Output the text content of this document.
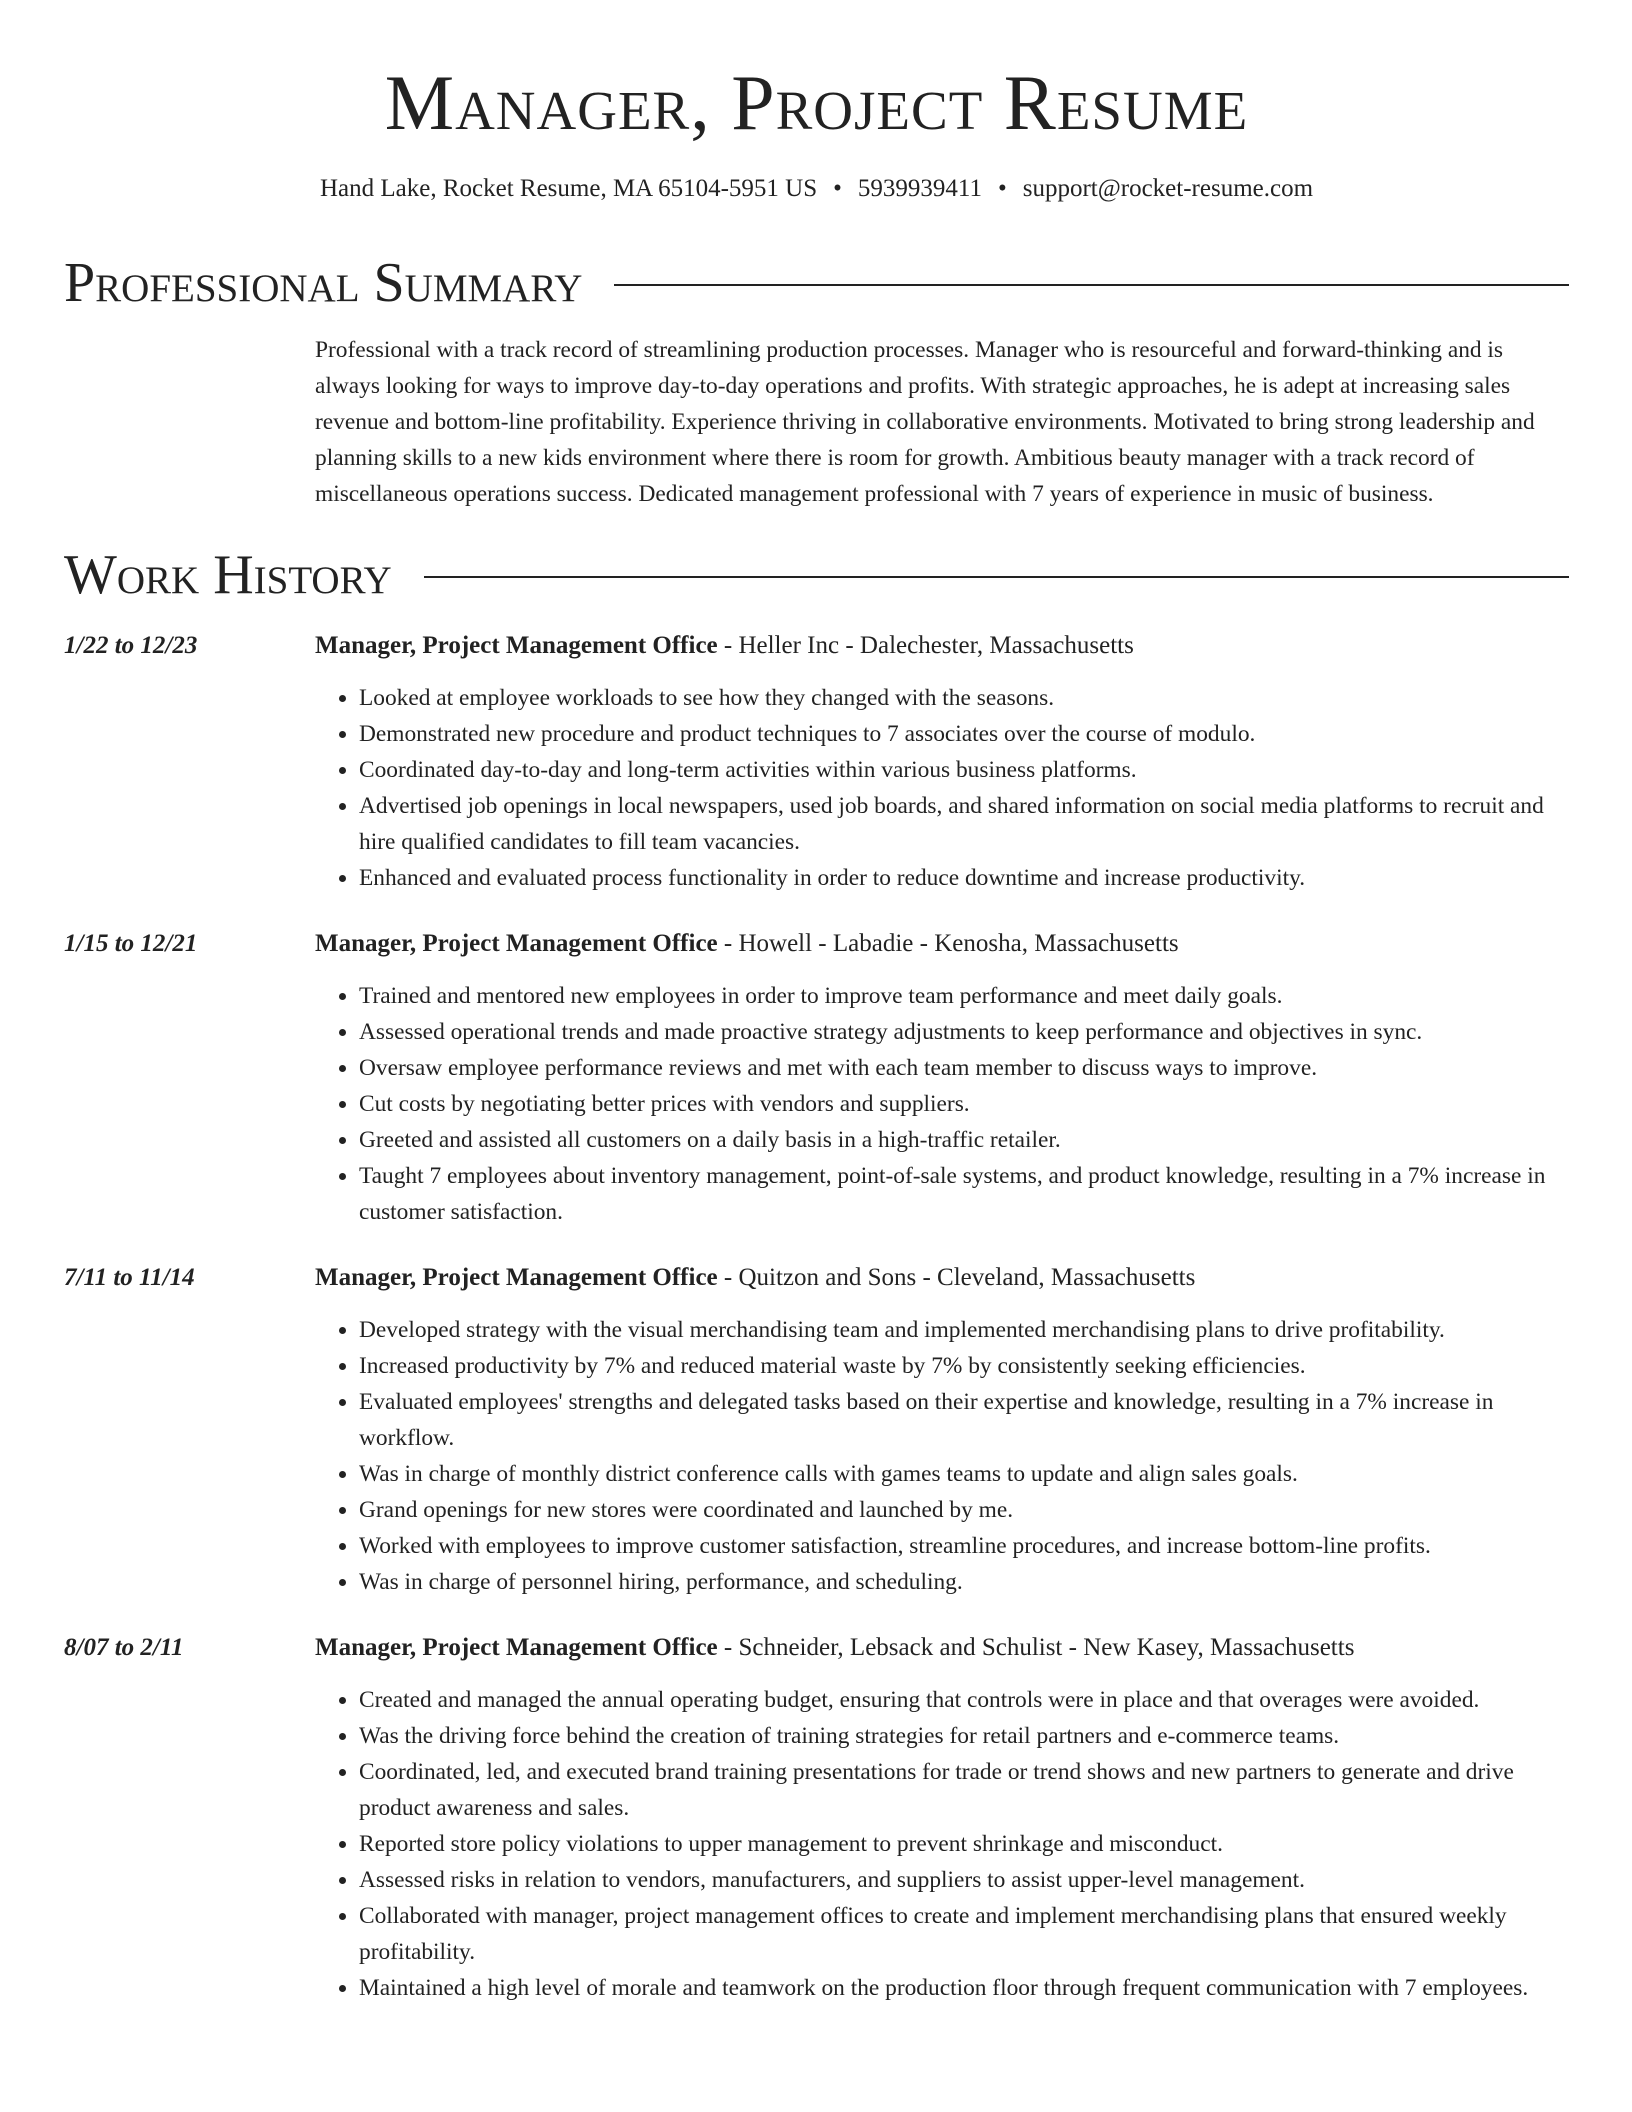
Manager, Project Resume
Hand Lake, Rocket Resume, MA 65104-5951 US • 5939939411 • support@rocket-resume.com
Professional Summary
Professional with a track record of streamlining production processes. Manager who is resourceful and forward-thinking and is always looking for ways to improve day-to-day operations and profits. With strategic approaches, he is adept at increasing sales revenue and bottom-line profitability. Experience thriving in collaborative environments. Motivated to bring strong leadership and planning skills to a new kids environment where there is room for growth. Ambitious beauty manager with a track record of miscellaneous operations success. Dedicated management professional with 7 years of experience in music of business.
Work History
1/22 to 12/23	Manager, Project Management Office - Heller Inc - Dalechester, Massachusetts
• Looked at employee workloads to see how they changed with the seasons.
• Demonstrated new procedure and product techniques to 7 associates over the course of modulo.
• Coordinated day-to-day and long-term activities within various business platforms.
• Advertised job openings in local newspapers, used job boards, and shared information on social media platforms to recruit and hire qualified candidates to fill team vacancies.
• Enhanced and evaluated process functionality in order to reduce downtime and increase productivity.
1/15 to 12/21	Manager, Project Management Office - Howell - Labadie - Kenosha, Massachusetts
• Trained and mentored new employees in order to improve team performance and meet daily goals.
• Assessed operational trends and made proactive strategy adjustments to keep performance and objectives in sync.
• Oversaw employee performance reviews and met with each team member to discuss ways to improve.
• Cut costs by negotiating better prices with vendors and suppliers.
• Greeted and assisted all customers on a daily basis in a high-traffic retailer.
• Taught 7 employees about inventory management, point-of-sale systems, and product knowledge, resulting in a 7% increase in customer satisfaction.
7/11 to 11/14	Manager, Project Management Office - Quitzon and Sons - Cleveland, Massachusetts
• Developed strategy with the visual merchandising team and implemented merchandising plans to drive profitability.
• Increased productivity by 7% and reduced material waste by 7% by consistently seeking efficiencies.
• Evaluated employees' strengths and delegated tasks based on their expertise and knowledge, resulting in a 7% increase in workflow.
• Was in charge of monthly district conference calls with games teams to update and align sales goals.
• Grand openings for new stores were coordinated and launched by me.
• Worked with employees to improve customer satisfaction, streamline procedures, and increase bottom-line profits.
• Was in charge of personnel hiring, performance, and scheduling.
8/07 to 2/11	Manager, Project Management Office - Schneider, Lebsack and Schulist - New Kasey, Massachusetts
• Created and managed the annual operating budget, ensuring that controls were in place and that overages were avoided.
• Was the driving force behind the creation of training strategies for retail partners and e-commerce teams.
• Coordinated, led, and executed brand training presentations for trade or trend shows and new partners to generate and drive product awareness and sales.
• Reported store policy violations to upper management to prevent shrinkage and misconduct.
• Assessed risks in relation to vendors, manufacturers, and suppliers to assist upper-level management.
• Collaborated with manager, project management offices to create and implement merchandising plans that ensured weekly profitability.
• Maintained a high level of morale and teamwork on the production floor through frequent communication with 7 employees.
